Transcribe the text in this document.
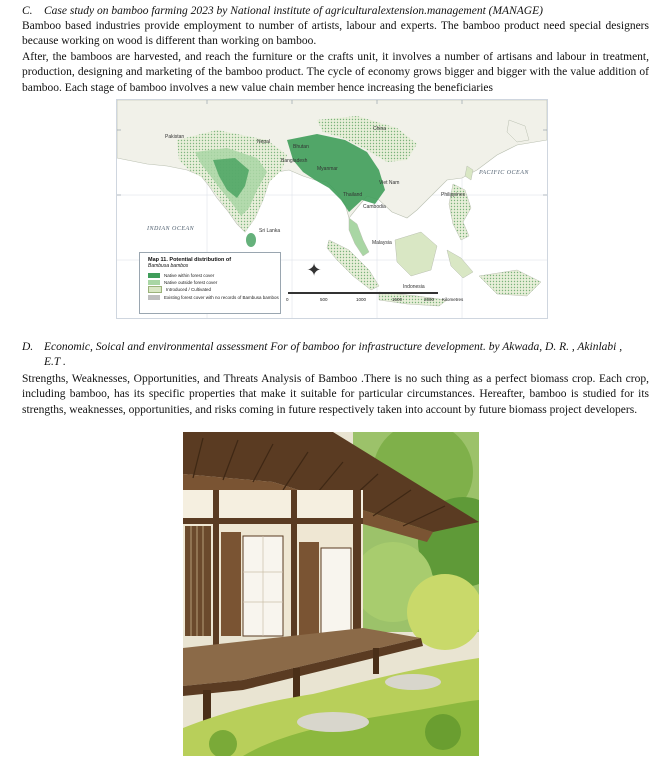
C. Case study on bamboo farming 2023 by National institute of agriculturalextension.management (MANAGE)

Bamboo based industries provide employment to number of artists, labour and experts. The bamboo product need special designers because working on wood is different than working on bamboo.

After, the bamboos are harvested, and reach the furniture or the crafts unit, it involves a number of artisans and labour in treatment, production, designing and marketing of the bamboo product. The cycle of economy grows bigger and bigger with the value addition of bamboo. Each stage of bamboo involves a new value chain member hence increasing the beneficiaries

Pakistan
China
Nepal
Bhutan
Bangladesh
Myanmar
Thailand
Cambodia
Viet Nam
Sri Lanka
Philippines
Malaysia
Indonesia
INDIAN OCEAN
PACIFIC OCEAN
✦
0	500	1000	1500	2000 Kilometres
Map 11. Potential distribution of
Bambusa bambos
Native within forest cover
Native outside forest cover
Introduced / Cultivated
Existing forest cover with no records of Bambusa bambos
D. Economic, Soical and environmental assessment For of bamboo for infrastructure development. by Akwada, D. R. , Akinlabi ,
E.T .

Strengths, Weaknesses, Opportunities, and Threats Analysis of Bamboo .There is no such thing as a perfect biomass crop. Each crop, including bamboo, has its specific properties that make it suitable for particular circumstances. Hereafter, bamboo is studied for its strengths, weaknesses, opportunities, and risks coming in future respectively taken into account by future biomass project developers.
